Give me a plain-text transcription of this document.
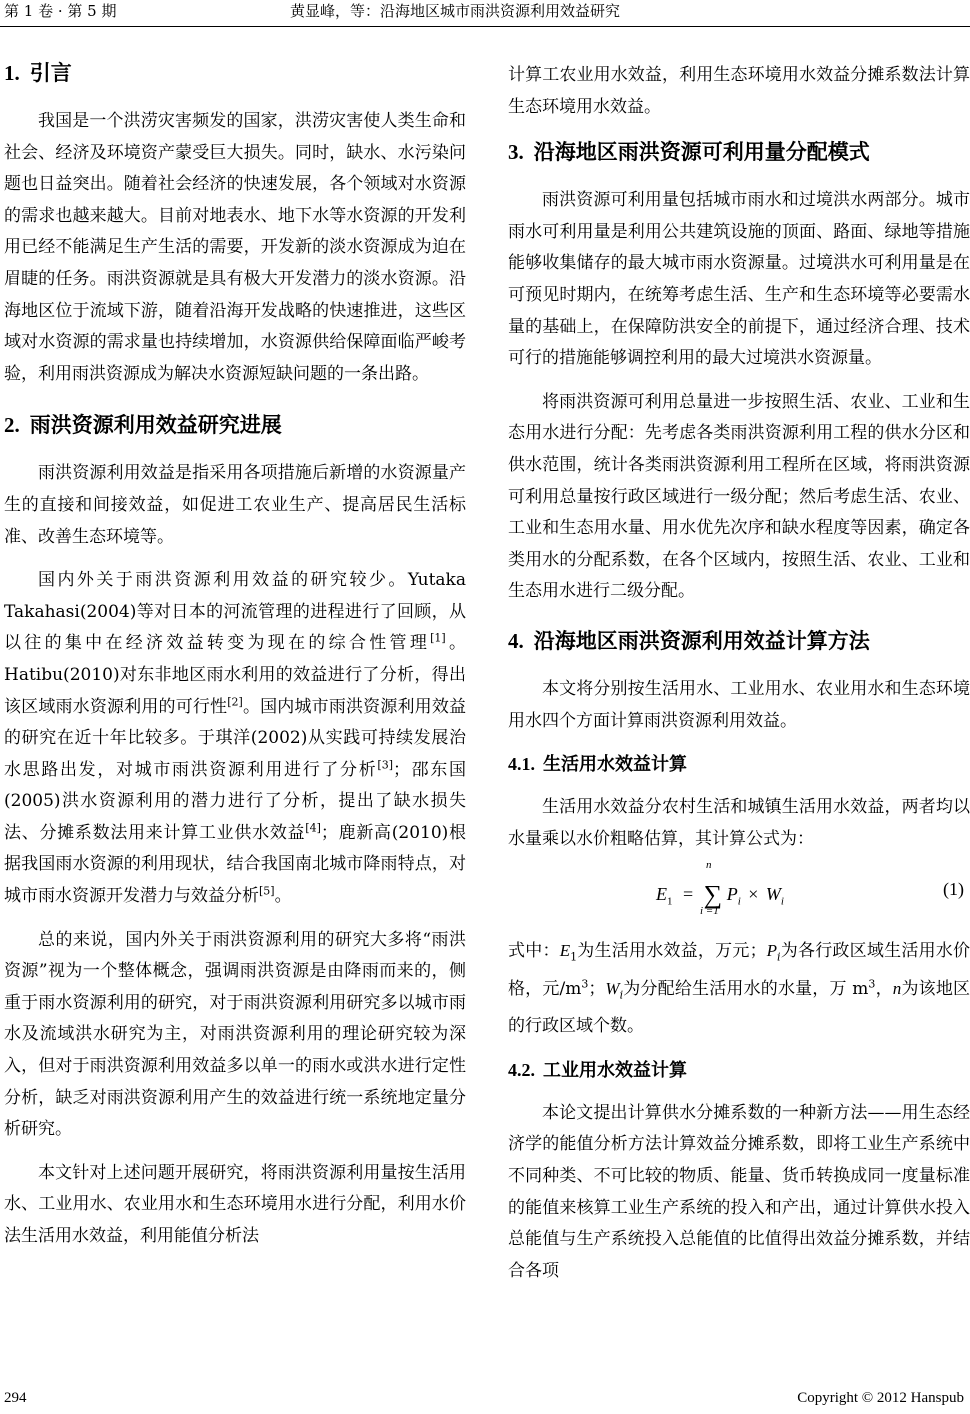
第 1 卷 · 第 5 期	黄显峰，等：沿海地区城市雨洪资源利用效益研究
1. 引言

我国是一个洪涝灾害频发的国家，洪涝灾害使人类生命和社会、经济及环境资产蒙受巨大损失。同时，缺水、水污染问题也日益突出。随着社会经济的快速发展，各个领域对水资源的需求也越来越大。目前对地表水、地下水等水资源的开发利用已经不能满足生产生活的需要，开发新的淡水资源成为迫在眉睫的任务。雨洪资源就是具有极大开发潜力的淡水资源。沿海地区位于流域下游，随着沿海开发战略的快速推进，这些区域对水资源的需求量也持续增加，水资源供给保障面临严峻考验，利用雨洪资源成为解决水资源短缺问题的一条出路。

2. 雨洪资源利用效益研究进展

雨洪资源利用效益是指采用各项措施后新增的水资源量产生的直接和间接效益，如促进工农业生产、提高居民生活标准、改善生态环境等。

国内外关于雨洪资源利用效益的研究较少。Yutaka Takahasi(2004)等对日本的河流管理的进程进行了回顾，从以往的集中在经济效益转变为现在的综合性管理[1]。Hatibu(2010)对东非地区雨水利用的效益进行了分析，得出该区域雨水资源利用的可行性[2]。国内城市雨洪资源利用效益的研究在近十年比较多。于琪洋(2002)从实践可持续发展治水思路出发，对城市雨洪资源利用进行了分析[3]；邵东国(2005)洪水资源利用的潜力进行了分析，提出了缺水损失法、分摊系数法用来计算工业供水效益[4]；鹿新高(2010)根据我国雨水资源的利用现状，结合我国南北城市降雨特点，对城市雨水资源开发潜力与效益分析[5]。

总的来说，国内外关于雨洪资源利用的研究大多将“雨洪资源”视为一个整体概念，强调雨洪资源是由降雨而来的，侧重于雨水资源利用的研究，对于雨洪资源利用研究多以城市雨水及流域洪水研究为主，对雨洪资源利用的理论研究较为深入，但对于雨洪资源利用效益多以单一的雨水或洪水进行定性分析，缺乏对雨洪资源利用产生的效益进行统一系统地定量分析研究。

本文针对上述问题开展研究，将雨洪资源利用量按生活用水、工业用水、农业用水和生态环境用水进行分配，利用水价法生活用水效益，利用能值分析法

计算工农业用水效益，利用生态环境用水效益分摊系数法计算生态环境用水效益。

3. 沿海地区雨洪资源可利用量分配模式

雨洪资源可利用量包括城市雨水和过境洪水两部分。城市雨水可利用量是利用公共建筑设施的顶面、路面、绿地等措施能够收集储存的最大城市雨水资源量。过境洪水可利用量是在可预见时期内，在统筹考虑生活、生产和生态环境等必要需水量的基础上，在保障防洪安全的前提下，通过经济合理、技术可行的措施能够调控利用的最大过境洪水资源量。

将雨洪资源可利用总量进一步按照生活、农业、工业和生态用水进行分配：先考虑各类雨洪资源利用工程的供水分区和供水范围，统计各类雨洪资源利用工程所在区域，将雨洪资源可利用总量按行政区域进行一级分配；然后考虑生活、农业、工业和生态用水量、用水优先次序和缺水程度等因素，确定各类用水的分配系数，在各个区域内，按照生活、农业、工业和生态用水进行二级分配。

4. 沿海地区雨洪资源利用效益计算方法

本文将分别按生活用水、工业用水、农业用水和生态环境用水四个方面计算雨洪资源利用效益。

4.1. 生活用水效益计算

生活用水效益分农村生活和城镇生活用水效益，两者均以水量乘以水价粗略估算，其计算公式为：

n
$E_1$ = ∑ $P_i \times W_i$
i =1
(1)

式中：$E_1$为生活用水效益，万元；$P_i$为各行政区域生活用水价格，元$/m^3$；$W_i$为分配给生活用水的水量，万 $m^3$，n为该地区的行政区域个数。

4.2. 工业用水效益计算

本论文提出计算供水分摊系数的一种新方法——用生态经济学的能值分析方法计算效益分摊系数，即将工业生产系统中不同种类、不可比较的物质、能量、货币转换成同一度量标准的能值来核算工业生产系统的投入和产出，通过计算供水投入总能值与生产系统投入总能值的比值得出效益分摊系数，并结合各项

294	Copyright © 2012 Hanspub
